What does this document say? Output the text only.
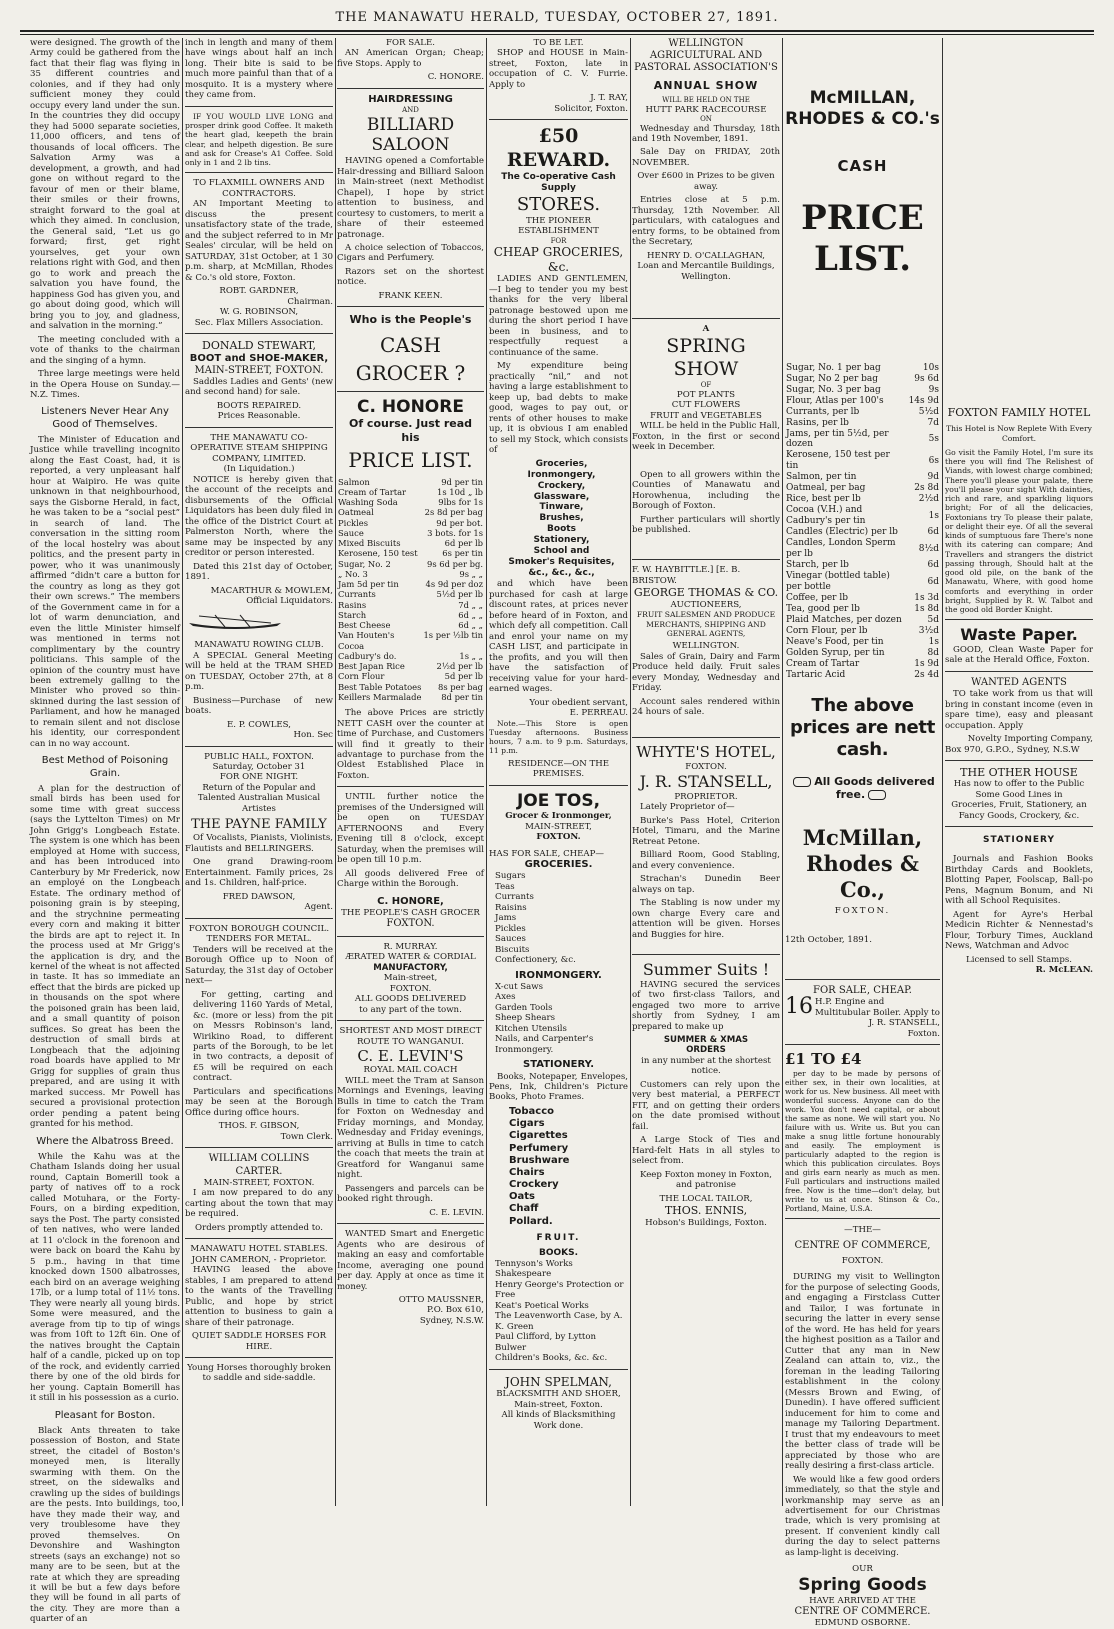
THE MANAWATU HERALD, TUESDAY, OCTOBER 27, 1891.

were designed. The growth of the Army could be gathered from the fact that their flag was flying in 35 different countries and colonies, and if they had only sufficient money they could occupy every land under the sun. In the countries they did occupy they had 5000 separate societies, 11,000 officers, and tens of thousands of local officers. The Salvation Army was a development, a growth, and had gone on without regard to the favour of men or their blame, their smiles or their frowns, straight forward to the goal at which they aimed. In conclusion, the General said, “Let us go forward; first, get right yourselves, get your own relations right with God, and then go to work and preach the salvation you have found, the happiness God has given you, and go about doing good, which will bring you to joy, and gladness, and salvation in the morning.”

The meeting concluded with a vote of thanks to the chairman and the singing of a hymn.

Three large meetings were held in the Opera House on Sunday.—N.Z. Times.

Listeners Never Hear Any Good of Themselves.

The Minister of Education and Justice while travelling incognito along the East Coast, had, it is reported, a very unpleasant half hour at Waipiro. He was quite unknown in that neighbourhood, says the Gisborne Herald, in fact, he was taken to be a “social pest” in search of land. The conversation in the sitting room of the local hostelry was about politics, and the present party in power, who it was unanimously affirmed “didn't care a button for the country as long as they got their own screws.” The members of the Government came in for a lot of warm denunciation, and even the little Minister himself was mentioned in terms not complimentary by the country politicians. This sample of the opinion of the country must have been extremely galling to the Minister who proved so thin-skinned during the last session of Parliament, and how he managed to remain silent and not disclose his identity, our correspondent can in no way account.

Best Method of Poisoning Grain.

A plan for the destruction of small birds has been used for some time with great success (says the Lyttelton Times) on Mr John Grigg's Longbeach Estate. The system is one which has been employed at Home with success, and has been introduced into Canterbury by Mr Frederick, now an employé on the Longbeach Estate. The ordinary method of poisoning grain is by steeping, and the strychnine permeating every corn and making it bitter the birds are apt to reject it. In the process used at Mr Grigg's the application is dry, and the kernel of the wheat is not affected in taste. It has so immediate an effect that the birds are picked up in thousands on the spot where the poisoned grain has been laid, and a small quantity of poison suffices. So great has been the destruction of small birds at Longbeach that the adjoining road boards have applied to Mr Grigg for supplies of grain thus prepared, and are using it with marked success. Mr Powell has secured a provisional protection order pending a patent being granted for his method.

Where the Albatross Breed.

While the Kahu was at the Chatham Islands doing her usual round, Captain Bomerill took a party of natives off to a rock called Motuhara, or the Forty-Fours, on a birding expedition, says the Post. The party consisted of ten natives, who were landed at 11 o'clock in the forenoon and were back on board the Kahu by 5 p.m., having in that time knocked down 1500 albatrosses, each bird on an average weighing 17lb, or a lump total of 11½ tons. They were nearly all young birds. Some were measured, and the average from tip to tip of wings was from 10ft to 12ft 6in. One of the natives brought the Captain half of a candle, picked up on top of the rock, and evidently carried there by one of the old birds for her young. Captain Bomerill has it still in his possession as a curio.

Pleasant for Boston.

Black Ants threaten to take possession of Boston, and State street, the citadel of Boston's moneyed men, is literally swarming with them. On the street, on the sidewalks and crawling up the sides of buildings are the pests. Into buildings, too, have they made their way, and very troublesome have they proved themselves. On Devonshire and Washington streets (says an exchange) not so many are to be seen, but at the rate at which they are spreading it will be but a few days before they will be found in all parts of the city. They are more than a quarter of an

inch in length and many of them have wings about half an inch long. Their bite is said to be much more painful than that of a mosquito. It is a mystery where they came from.

IF YOU WOULD LIVE LONG and prosper drink good Coffee. It maketh the heart glad, keepeth the brain clear, and helpeth digestion. Be sure and ask for Crease's A1 Coffee. Sold only in 1 and 2 lb tins.

TO FLAXMILL OWNERS AND CONTRACTORS.

AN Important Meeting to discuss the present unsatisfactory state of the trade, and the subject referred to in Mr Seales' circular, will be held on SATURDAY, 31st October, at 1 30 p.m. sharp, at McMillan, Rhodes & Co.'s old store, Foxton.

ROBT. GARDNER,
Chairman.
W. G. ROBINSON,
Sec. Flax Millers Association.
DONALD STEWART,
BOOT and SHOE-MAKER,
MAIN-STREET, FOXTON.

Saddles Ladies and Gents' (new and second hand) for sale.

BOOTS REPAIRED.
Prices Reasonable.
THE MANAWATU CO-OPERATIVE STEAM SHIPPING COMPANY, LIMITED.
(In Liquidation.)

NOTICE is hereby given that the account of the receipts and disbursements of the Official Liquidators has been duly filed in the office of the District Court at Palmerston North, where the same may be inspected by any creditor or person interested.

Dated this 21st day of October, 1891.

MACARTHUR & MOWLEM, Official Liquidators.
MANAWATU ROWING CLUB.

A SPECIAL General Meeting will be held at the TRAM SHED on TUESDAY, October 27th, at 8 p.m.

Business—Purchase of new boats.

E. P. COWLES,
Hon. Sec
PUBLIC HALL, FOXTON.
Saturday, October 31
FOR ONE NIGHT.

Return of the Popular and Talented Australian Musical Artistes

THE PAYNE FAMILY

Of Vocalists, Pianists, Violinists, Flautists and BELLRINGERS.

One grand Drawing-room Entertainment. Family prices, 2s and 1s. Children, half-price.

FRED DAWSON,
Agent.
FOXTON BOROUGH COUNCIL.
TENDERS FOR METAL.

Tenders will be received at the Borough Office up to Noon of Saturday, the 31st day of October next—

For getting, carting and delivering 1160 Yards of Metal, &c. (more or less) from the pit on Messrs Robinson's land, Wirikino Road, to different parts of the Borough, to be let in two contracts, a deposit of £5 will be required on each contract.

Particulars and specifications may be seen at the Borough Office during office hours.

THOS. F. GIBSON,
Town Clerk.
WILLIAM COLLINS
CARTER.
MAIN-STREET, FOXTON.

I am now prepared to do any carting about the town that may be required.

Orders promptly attended to.
MANAWATU HOTEL STABLES.
JOHN CAMERON, - Proprietor.

HAVING leased the above stables, I am prepared to attend to the wants of the Travelling Public, and hope by strict attention to business to gain a share of their patronage.

QUIET SADDLE HORSES FOR HIRE.

Young Horses thoroughly broken to saddle and side-saddle.

FOR SALE.

AN American Organ; Cheap; five Stops. Apply to

C. HONORE.
HAIRDRESSING
AND
BILLIARD SALOON

HAVING opened a Comfortable Hair-dressing and Billiard Saloon in Main-street (next Methodist Chapel), I hope by strict attention to business, and courtesy to customers, to merit a share of their esteemed patronage.

A choice selection of Tobaccos, Cigars and Perfumery.

Razors set on the shortest notice.

FRANK KEEN.
Who is the People's
CASH
GROCER ?
C. HONORE
Of course. Just read
his
PRICE LIST.
Salmon	9d per tin
Cream of Tartar	1s 10d „ lb
Washing Soda	9lbs for 1s
Oatmeal	2s 8d per bag
Pickles	9d per bot.
Sauce	3 bots. for 1s
Mixed Biscuits	6d per lb
Kerosene, 150 test	6s per tin
Sugar, No. 2	9s 6d per bg.
„ No. 3	9s „ „
Jam 5d per tin	4s 9d per doz
Currants	5½d per lb
Rasins	7d „ „
Starch	6d „ „
Best Cheese	6d „ „
Van Houten's Cocoa	1s per ½lb tin
Cadbury's do.	1s „ „
Best Japan Rice	2½d per lb
Corn Flour	5d per lb
Best Table Potatoes	8s per bag
Keillers Marmalade	8d per tin

The above Prices are strictly NETT CASH over the counter at time of Purchase, and Customers will find it greatly to their advantage to purchase from the Oldest Established Place in Foxton.

UNTIL further notice the premises of the Undersigned will be open on TUESDAY AFTERNOONS and Every Evening till 8 o'clock, except Saturday, when the premises will be open till 10 p.m.

All goods delivered Free of Charge within the Borough.

C. HONORE,
THE PEOPLE'S CASH GROCER
FOXTON.
R. MURRAY.
ÆRATED WATER & CORDIAL
MANUFACTORY,
Main-street,
FOXTON.
ALL GOODS DELIVERED
to any part of the town.
SHORTEST AND MOST DIRECT ROUTE TO WANGANUI.
C. E. LEVIN'S
ROYAL MAIL COACH

WILL meet the Tram at Sanson Mornings and Evenings, leaving Bulls in time to catch the Tram for Foxton on Wednesday and Friday mornings, and Monday, Wednesday and Friday evenings, arriving at Bulls in time to catch the coach that meets the train at Greatford for Wanganui same night.

Passengers and parcels can be booked right through.

C. E. LEVIN.

WANTED Smart and Energetic Agents who are desirous of making an easy and comfortable Income, averaging one pound per day. Apply at once as time it money.

OTTO MAUSSNER,
P.O. Box 610,
Sydney, N.S.W.
TO BE LET.

SHOP and HOUSE in Main-street, Foxton, late in occupation of C. V. Furrie. Apply to

J. T. RAY,
Solicitor, Foxton.
£50 REWARD.
The Co-operative Cash Supply
STORES.
THE PIONEER ESTABLISHMENT
FOR
CHEAP GROCERIES, &c.

LADIES AND GENTLEMEN,—I beg to tender you my best thanks for the very liberal patronage bestowed upon me during the short period I have been in business, and to respectfully request a continuance of the same.

My expenditure being practically “nil,” and not having a large establishment to keep up, bad debts to make good, wages to pay out, or rents of other houses to make up, it is obvious I am enabled to sell my Stock, which consists of

Groceries,
Ironmongery,
Crockery,
Glassware,
Tinware,
Brushes,
Boots
Stationery,
School and
Smoker's Requisites,
&c., &c., &c.,

and which have been purchased for cash at large discount rates, at prices never before heard of in Foxton, and which defy all competition. Call and enrol your name on my CASH LIST, and participate in the profits, and you will then have the satisfaction of receiving value for your hard-earned wages.

Your obedient servant,
E. PERREAU.

Note.—This Store is open Tuesday afternoons. Business hours, 7 a.m. to 9 p.m. Saturdays, 11 p.m.

RESIDENCE—ON THE PREMISES.
JOE TOS,
Grocer & Ironmonger,
MAIN-STREET,
FOXTON.
HAS FOR SALE, CHEAP—
GROCERIES.
Sugars
Teas
Currants
Raisins
Jams
Pickles
Sauces
Biscuits
Confectionery, &c.
IRONMONGERY.
X-cut Saws
Axes
Garden Tools
Sheep Shears
Kitchen Utensils
Nails, and Carpenter's Ironmongery.
STATIONERY.

Books, Notepaper, Envelopes, Pens, Ink, Children's Picture Books, Photo Frames.

Tobacco
Cigars
Cigarettes
Perfumery
Brushware
Chairs
Crockery
Oats
Chaff
Pollard.
FRUIT.
BOOKS.
Tennyson's Works
Shakespeare
Henry George's Protection or Free
Keat's Poetical Works
The Leavenworth Case, by A. K. Green
Paul Clifford, by Lytton Bulwer
Children's Books, &c. &c.
JOHN SPELMAN,
BLACKSMITH AND SHOER,
Main-street, Foxton.
All kinds of Blacksmithing Work done.
WELLINGTON AGRICULTURAL AND PASTORAL ASSOCIATION'S
ANNUAL SHOW
WILL BE HELD ON THE
HUTT PARK RACECOURSE
ON

Wednesday and Thursday, 18th and 19th November, 1891.

Sale Day on FRIDAY, 20th NOVEMBER.

Over £600 in Prizes to be given away.

Entries close at 5 p.m. Thursday, 12th November. All particulars, with catalogues and entry forms, to be obtained from the Secretary,

HENRY D. O'CALLAGHAN,
Loan and Mercantile Buildings, Wellington.
A
SPRING SHOW
OF
POT PLANTS
CUT FLOWERS
FRUIT and VEGETABLES

WILL be held in the Public Hall, Foxton, in the first or second week in December.

Open to all growers within the Counties of Manawatu and Horowhenua, including the Borough of Foxton.

Further particulars will shortly be published.

F. W. HAYBITTLE.] [E. B. BRISTOW.
GEORGE THOMAS & CO.
AUCTIONEERS,

FRUIT SALESMEN AND PRODUCE MERCHANTS, SHIPPING AND GENERAL AGENTS,

WELLINGTON.

Sales of Grain, Dairy and Farm Produce held daily. Fruit sales every Monday, Wednesday and Friday.

Account sales rendered within 24 hours of sale.

WHYTE'S HOTEL,
FOXTON.
J. R. STANSELL,
PROPRIETOR.

Lately Proprietor of—

Burke's Pass Hotel, Criterion Hotel, Timaru, and the Marine Retreat Petone.

Billiard Room, Good Stabling, and every convenience.

Strachan's Dunedin Beer always on tap.

The Stabling is now under my own charge Every care and attention will be given. Horses and Buggies for hire.

Summer Suits !

HAVING secured the services of two first-class Tailors, and engaged two more to arrive shortly from Sydney, I am prepared to make up

SUMMER & XMAS
ORDERS

in any number at the shortest notice.

Customers can rely upon the very best material, a PERFECT FIT, and on getting their orders on the date promised without fail.

A Large Stock of Ties and Hard-felt Hats in all styles to select from.

Keep Foxton money in Foxton, and patronise

THE LOCAL TAILOR,
THOS. ENNIS,
Hobson's Buildings, Foxton.
McMILLAN, RHODES & CO.'s
CASH
PRICE LIST.
Sugar, No. 1 per bag	10s
Sugar, No 2 per bag	9s 6d
Sugar, No. 3 per bag	9s
Flour, Atlas per 100's	14s 9d
Currants, per lb	5½d
Rasins, per lb	7d
Jams, per tin 5½d, per dozen	5s
Kerosene, 150 test per tin	6s
Salmon, per tin	9d
Oatmeal, per bag	2s 8d
Rice, best per lb	2½d
Cocoa (V.H.) and Cadbury's per tin	1s
Candles (Electric) per lb	6d
Candles, London Sperm per lb	8½d
Starch, per lb	6d
Vinegar (bottled table) per bottle	6d
Coffee, per lb	1s 3d
Tea, good per lb	1s 8d
Plaid Matches, per dozen	5d
Corn Flour, per lb	3½d
Neave's Food, per tin	1s
Golden Syrup, per tin	8d
Cream of Tartar	1s 9d
Tartaric Acid	2s 4d
The above prices are nett cash.
All Goods delivered free.
McMillan, Rhodes & Co.,
FOXTON.
12th October, 1891.
FOR SALE, CHEAP.
16 H.P. Engine and Multitubular Boiler. Apply to
J. R. STANSELL,
Foxton.
£1 TO £4

per day to be made by persons of either sex, in their own localities, at work for us. New business. All meet with wonderful success. Anyone can do the work. You don't need capital, or about the same as none. We will start you. No failure with us. Write us. But you can make a snug little fortune honourably and easily. The employment is particularly adapted to the region is which this publication circulates. Boys and girls earn nearly as much as men. Full particulars and instructions mailed free. Now is the time—don't delay, but write to us at once. Stinson & Co., Portland, Maine, U.S.A.

—THE—
CENTRE OF COMMERCE,
FOXTON.

DURING my visit to Wellington for the purpose of selecting Goods, and engaging a Firstclass Cutter and Tailor, I was fortunate in securing the latter in every sense of the word. He has held for years the highest position as a Tailor and Cutter that any man in New Zealand can attain to, viz., the foreman in the leading Tailoring establishment in the colony (Messrs Brown and Ewing, of Dunedin). I have offered sufficient inducement for him to come and manage my Tailoring Department. I trust that my endeavours to meet the better class of trade will be appreciated by those who are really desiring a first-class article.

We would like a few good orders immediately, so that the style and workmanship may serve as an advertisement for our Christmas trade, which is very promising at present. If convenient kindly call during the day to select patterns as lamp-light is deceiving.

OUR
Spring Goods
HAVE ARRIVED AT THE
CENTRE OF COMMERCE.
EDMUND OSBORNE.
FOXTON FAMILY HOTEL
This Hotel is Now Replete With Every Comfort.

Go visit the Family Hotel, I'm sure its there you will find The Relishest of Viands, with lowest charge combined; There you'll please your palate, there you'll please your sight With dainties, rich and rare, and sparkling liquors bright; For of all the delicacies, Foxtonians try To please their palate, or delight their eye. Of all the several kinds of sumptuous fare There's none with its catering can compare; And Travellers and strangers the district passing through, Should halt at the good old pile, on the bank of the Manawatu, Where, with good home comforts and everything in order bright, Supplied by R. W. Talbot and the good old Border Knight.

Waste Paper.

GOOD, Clean Waste Paper for sale at the Herald Office, Foxton.

WANTED AGENTS

TO take work from us that will bring in constant income (even in spare time), easy and pleasant occupation. Apply

Novelty Importing Company,
Box 970, G.P.O., Sydney, N.S.W
THE OTHER HOUSE
Has now to offer to the Public
Some Good Lines in

Groceries, Fruit, Stationery, an Fancy Goods, Crockery, &c.

STATIONERY

Journals and Fashion Books Birthday Cards and Booklets, Blotting Paper, Foolscap, Ball-po Pens, Magnum Bonum, and Ni with all School Requisites.

Agent for Ayre's Herbal Medicin Richter & Nennestad's Flour, Torbury Times, Auckland News, Watchman and Advoc

Licensed to sell Stamps.
R. McLEAN.
